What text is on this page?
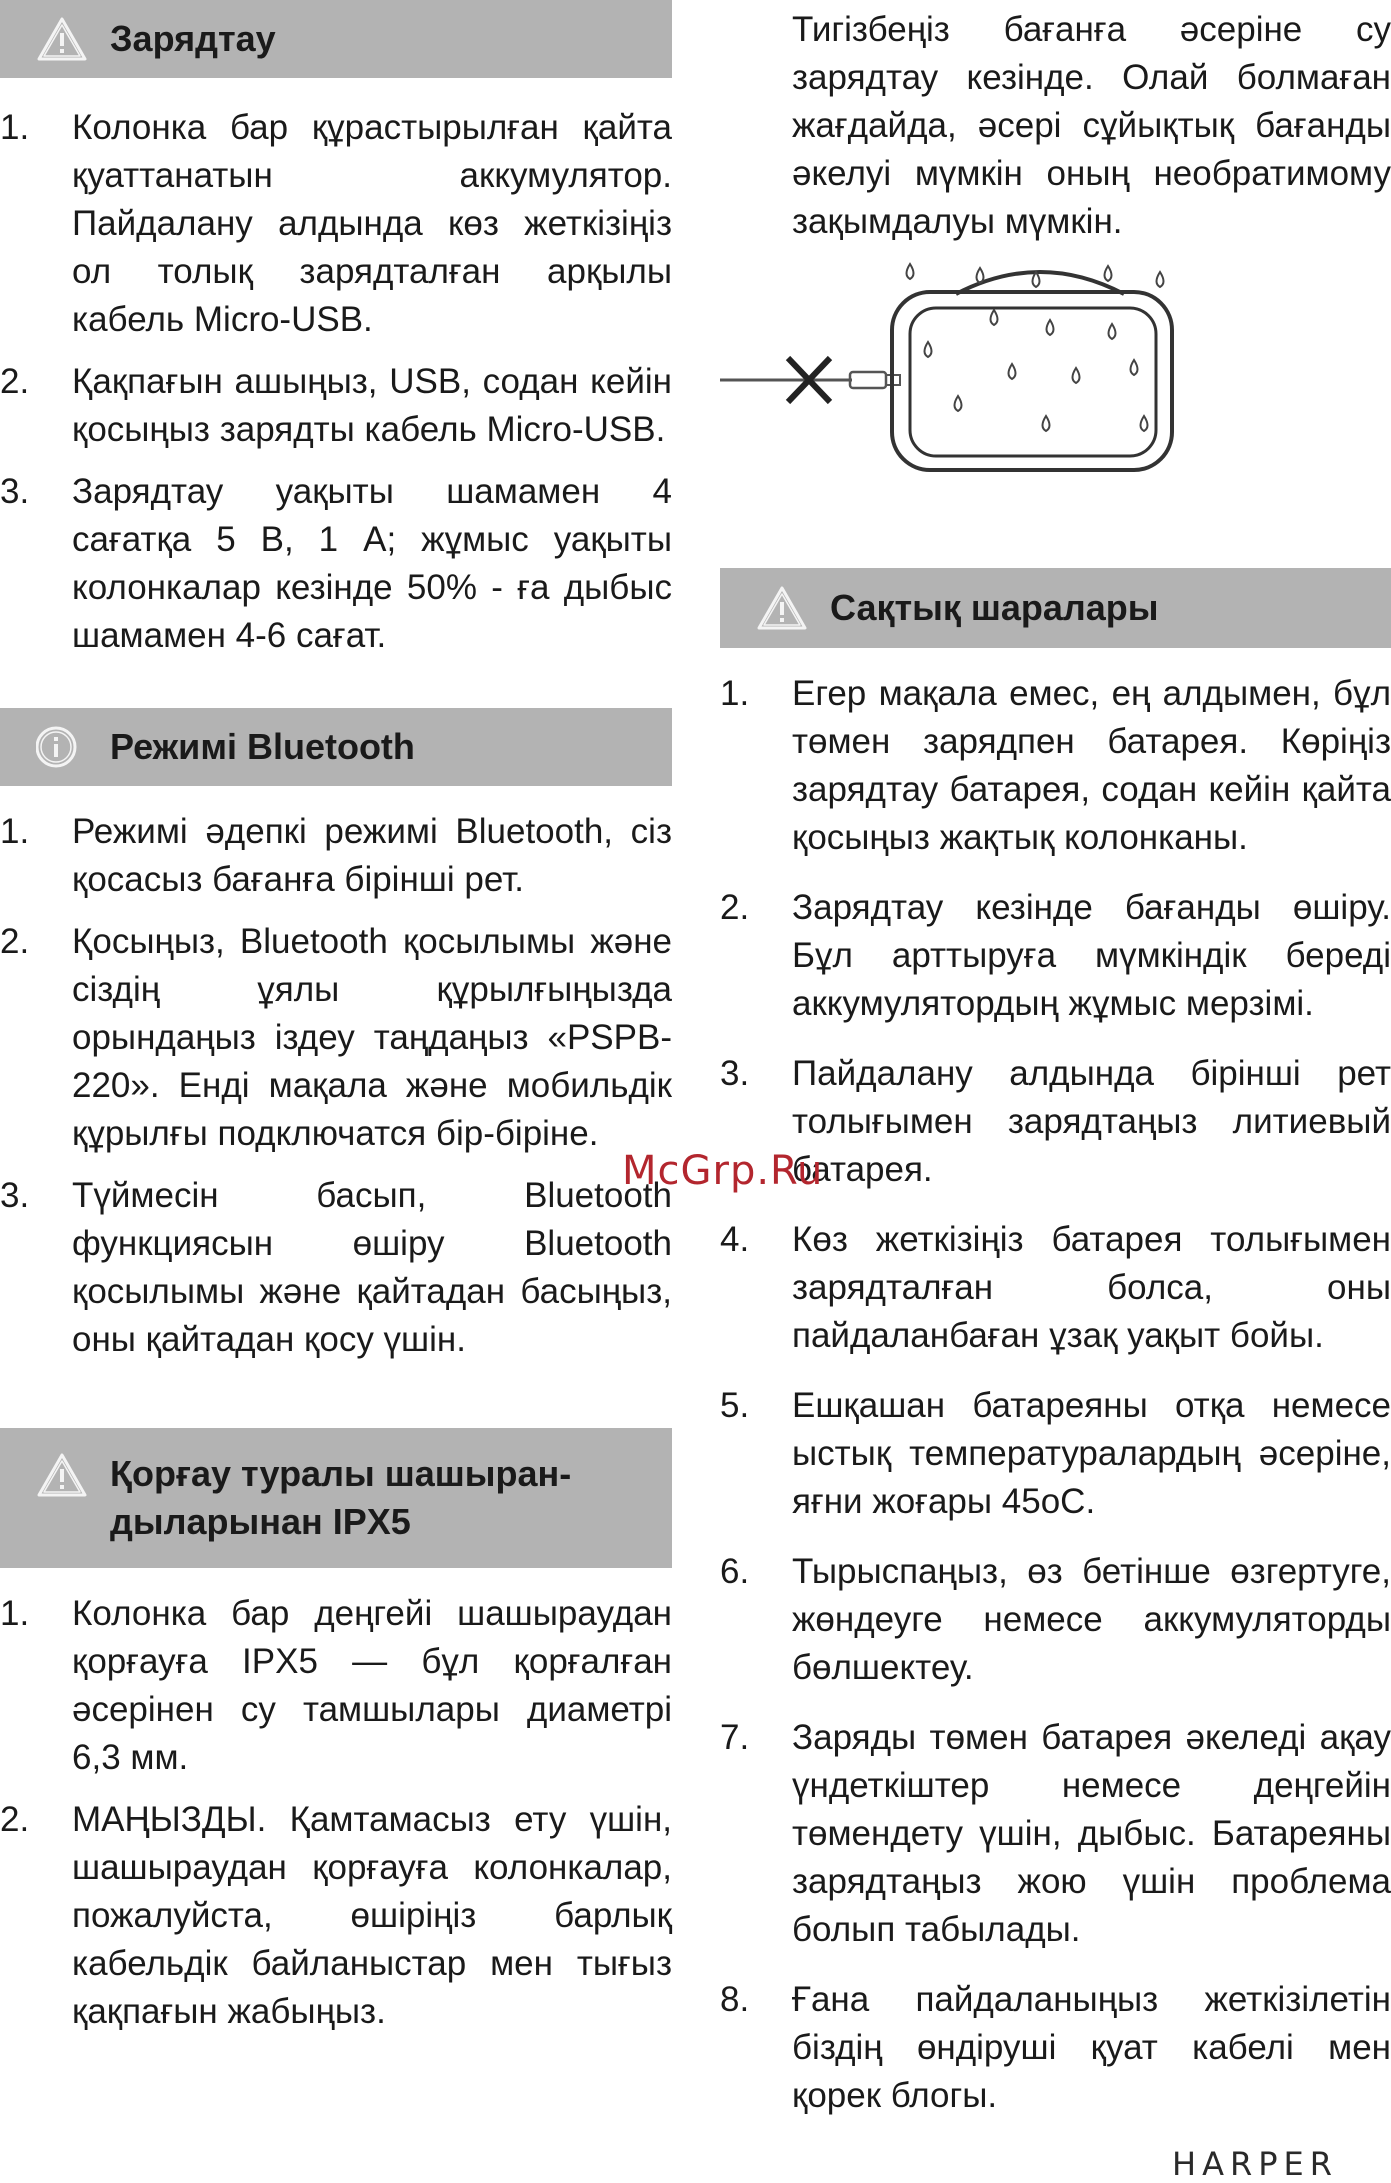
Зарядтау
1.	Колонка бар құрастырылған қайта қуаттанатын аккумулятор. Пайдалану алдында көз жеткізіңіз ол толық зарядталған арқылы кабель Micro-USB.
2.	Қақпағын ашыңыз, USB, содан кейін қосыңыз зарядты кабель Micro-USB.
3.	Зарядтау уақыты шамамен 4 сағатқа 5 В, 1 А; жұмыс уақыты колонкалар кезінде 50% - ға дыбыс шамамен 4-6 сағат.
Режимі Bluetooth
1.	Режимі әдепкі режимі Bluetooth, сіз қосасыз бағанға бірінші рет.
2.	Қосыңыз, Bluetooth қосылымы және сіздің ұялы құрылғыңызда орындаңыз іздеу таңдаңыз «PSPB-220». Енді мақала және мобильдік құрылғы подключатся бір-біріне.
3.	Түймесін басып, Bluetooth функциясын өшіру Bluetooth қосылымы және қайтадан басыңыз, оны қайтадан қосу үшін.
Қорғау туралы шашыран-
дыларынан IPX5
1.	Колонка бар деңгейі шашыраудан қорғауға IPX5 — бұл қорғалған әсерінен су тамшылары диаметрі 6,3 мм.
2.	МАҢЫЗДЫ. Қамтамасыз ету үшін, шашыраудан қорғауға колонкалар, пожалуйста, өшіріңіз барлық кабельдік байланыстар мен тығыз қақпағын жабыңыз.

Тигізбеңіз бағанға әсеріне су зарядтау кезінде. Олай болмаған жағдайда, әсері сұйықтық бағанды әкелуі мүмкін оның необратимому зақымдалуы мүмкін.

Сақтық шаралары
1.	Егер мақала емес, ең алдымен, бұл төмен зарядпен батарея. Көріңіз зарядтау батарея, содан кейін қайта қосыңыз жақтық колонканы.
2.	Зарядтау кезінде бағанды өшіру. Бұл арттыруға мүмкіндік береді аккумулятордың жұмыс мерзімі.
3.	Пайдалану алдында бірінші рет толығымен зарядтаңыз литиевый батарея.
4.	Көз жеткізіңіз батарея толығымен зарядталған болса, оны пайдаланбаған ұзақ уақыт бойы.
5.	Ешқашан батареяны отқа немесе ыстық температуралардың әсеріне, яғни жоғары 45оС.
6.	Тырыспаңыз, өз бетінше өзгертуге, жөндеуге немесе аккумуляторды бөлшектеу.
7.	Заряды төмен батарея әкеледі ақау үндеткіштер немесе деңгейін төмендету үшін, дыбыс. Батареяны зарядтаңыз жою үшін проблема болып табылады.
8.	Ғана пайдаланыңыз жеткізілетін біздің өндіруші қуат кабелі мен қорек блогы.
McGrp.Ru
HARPER
